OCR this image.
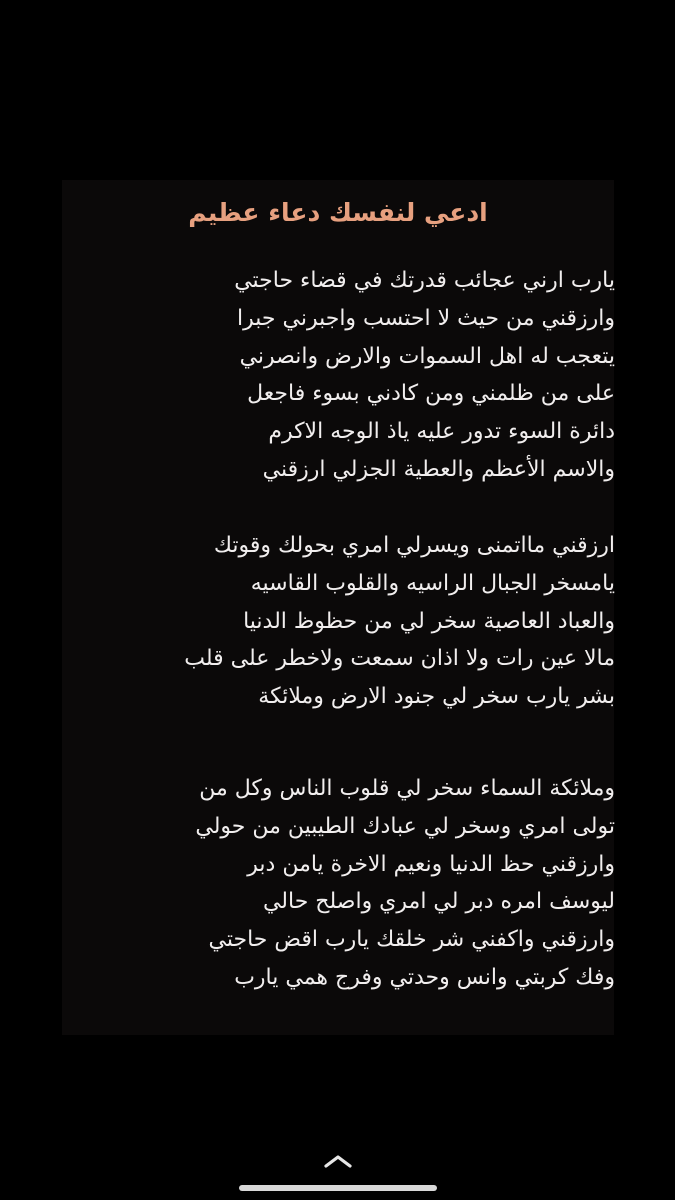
ادعي لنفسك دعاء عظيم
يارب ارني عجائب قدرتك في قضاء حاجتي
وارزقني من حيث لا احتسب واجبرني جبرا
يتعجب له اهل السموات والارض وانصرني
على من ظلمني ومن كادني بسوء فاجعل
دائرة السوء تدور عليه ياذ الوجه الاكرم
والاسم الأعظم والعطية الجزلي ارزقني
ارزقني مااتمنى ويسرلي امري بحولك وقوتك
يامسخر الجبال الراسيه والقلوب القاسيه
والعباد العاصية سخر لي من حظوظ الدنيا
مالا عين رات ولا اذان سمعت ولاخطر على قلب
بشر يارب سخر لي جنود الارض وملائكة
وملائكة السماء سخر لي قلوب الناس وكل من
تولى امري وسخر لي عبادك الطيبين من حولي
وارزقني حظ الدنيا ونعيم الاخرة يامن دبر
ليوسف امره دبر لي امري واصلح حالي
وارزقني واكفني شر خلقك يارب اقض حاجتي
وفك كربتي وانس وحدتي وفرج همي يارب
